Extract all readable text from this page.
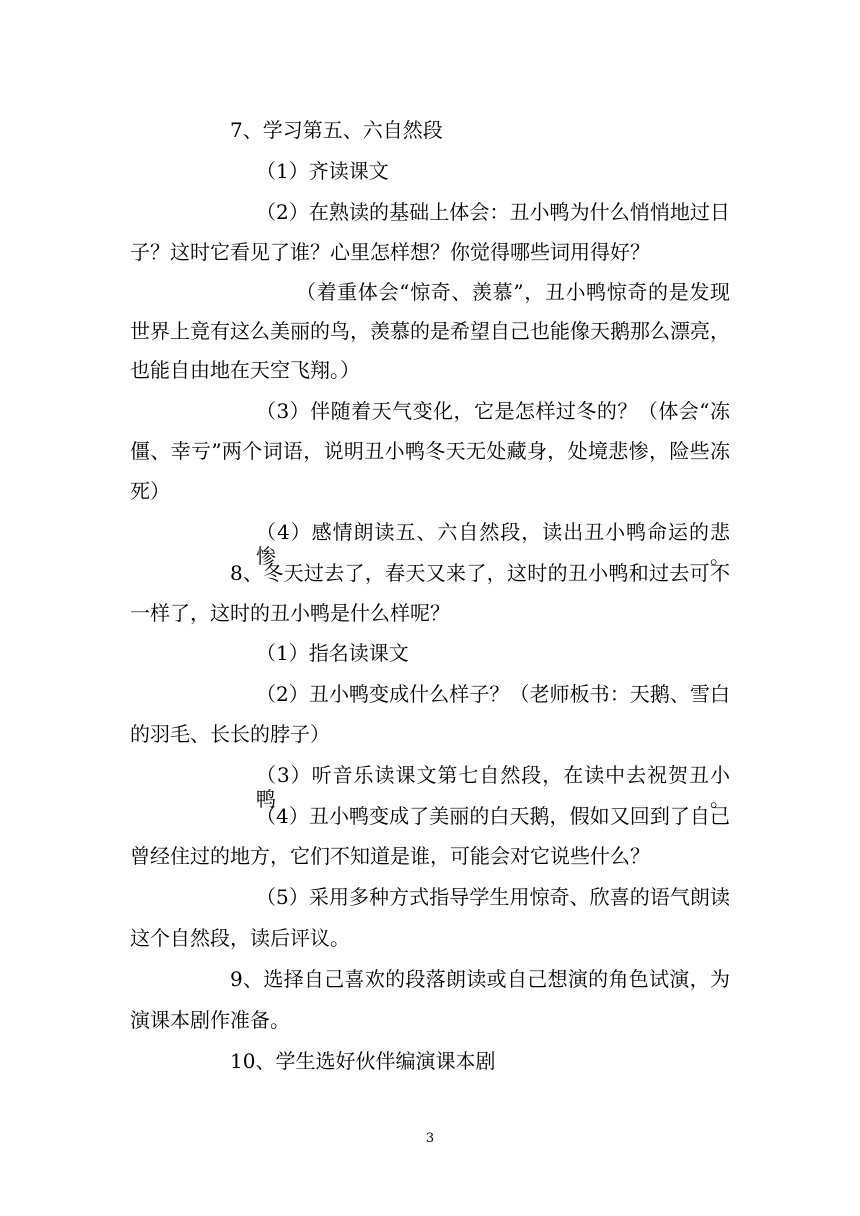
7、学习第五、六自然段
（1）齐读课文
（2）在熟读的基础上体会：丑小鸭为什么悄悄地过日
子？这时它看见了谁？心里怎样想？你觉得哪些词用得好？
（着重体会“惊奇、羡慕”，丑小鸭惊奇的是发现
世界上竟有这么美丽的鸟，羡慕的是希望自己也能像天鹅那么漂亮，
也能自由地在天空飞翔。）
（3）伴随着天气变化，它是怎样过冬的？（体会“冻
僵、幸亏”两个词语，说明丑小鸭冬天无处藏身，处境悲惨，险些冻
死）
（4）感情朗读五、六自然段，读出丑小鸭命运的悲惨。
8、冬天过去了，春天又来了，这时的丑小鸭和过去可不
一样了，这时的丑小鸭是什么样呢？
（1）指名读课文
（2）丑小鸭变成什么样子？（老师板书：天鹅、雪白
的羽毛、长长的脖子）
（3）听音乐读课文第七自然段，在读中去祝贺丑小鸭。
（4）丑小鸭变成了美丽的白天鹅，假如又回到了自己
曾经住过的地方，它们不知道是谁，可能会对它说些什么？
（5）采用多种方式指导学生用惊奇、欣喜的语气朗读
这个自然段，读后评议。
9、选择自己喜欢的段落朗读或自己想演的角色试演，为
演课本剧作准备。
10、学生选好伙伴编演课本剧
3
